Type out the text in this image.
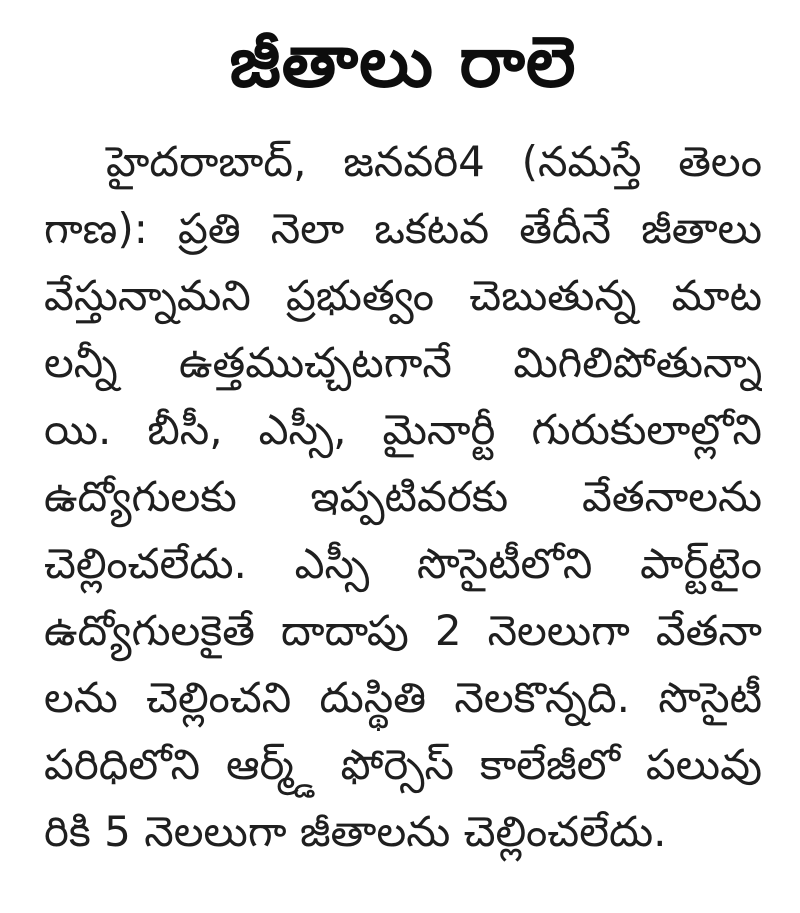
జీతాలు రాలె
హైదరాబాద్, జనవరి4 (నమస్తే తెలం
గాణ): ప్రతి నెలా ఒకటవ తేదీనే జీతాలు
వేస్తున్నామని ప్రభుత్వం చెబుతున్న మాట
లన్నీ ఉత్తముచ్చటగానే మిగిలిపోతున్నా
యి. బీసీ, ఎస్సీ, మైనార్టీ గురుకులాల్లోని
ఉద్యోగులకు ఇప్పటివరకు వేతనాలను
చెల్లించలేదు. ఎస్సీ సొసైటీలోని పార్ట్‌టైం
ఉద్యోగులకైతే దాదాపు 2 నెలలుగా వేతనా
లను చెల్లించని దుస్థితి నెలకొన్నది. సొసైటీ
పరిధిలోని ఆర్మ్డ్ ఫోర్సెస్ కాలేజీలో పలువు
రికి 5 నెలలుగా జీతాలను చెల్లించలేదు.
